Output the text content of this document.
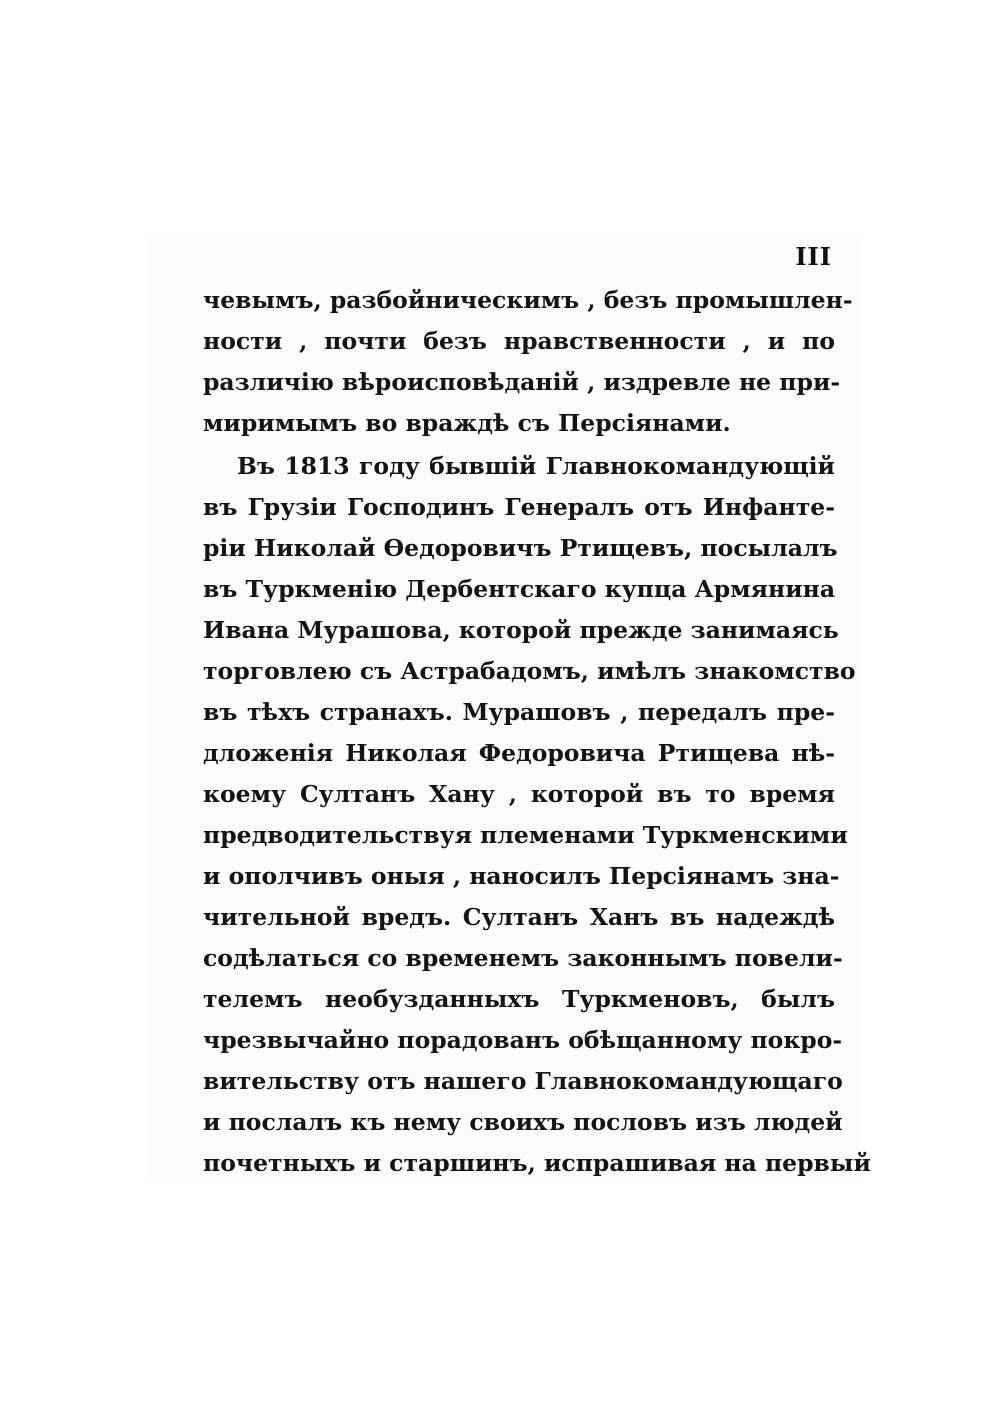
III
чевымъ, разбойническимъ , безъ промышлен-
ности , почти безъ нравственности , и по
различію вѣроисповѣданій , издревле не при-
миримымъ во враждѣ съ Персіянами.
Въ 1813 году бывшій Главнокомандующій
въ Грузіи Господинъ Генералъ отъ Инфанте-
ріи Николай Ѳедоровичъ Ртищевъ, посылалъ
въ Туркменію Дербентскаго купца Армянина
Ивана Мурашова, которой прежде занимаясь
торговлею съ Астрабадомъ, имѣлъ знакомство
въ тѣхъ странахъ. Мурашовъ , передалъ пре-
дложенія Николая Федоровича Ртищева нѣ-
коему Султанъ Хану , которой въ то время
предводительствуя племенами Туркменскими
и ополчивъ оныя , наносилъ Персіянамъ зна-
чительной вредъ. Султанъ Ханъ въ надеждѣ
содѣлаться со временемъ законнымъ повели-
телемъ необузданныхъ Туркменовъ, былъ
чрезвычайно порадованъ обѣщанному покро-
вительству отъ нашего Главнокомандующаго
и послалъ къ нему своихъ пословъ изъ людей
почетныхъ и старшинъ, испрашивая на первый
